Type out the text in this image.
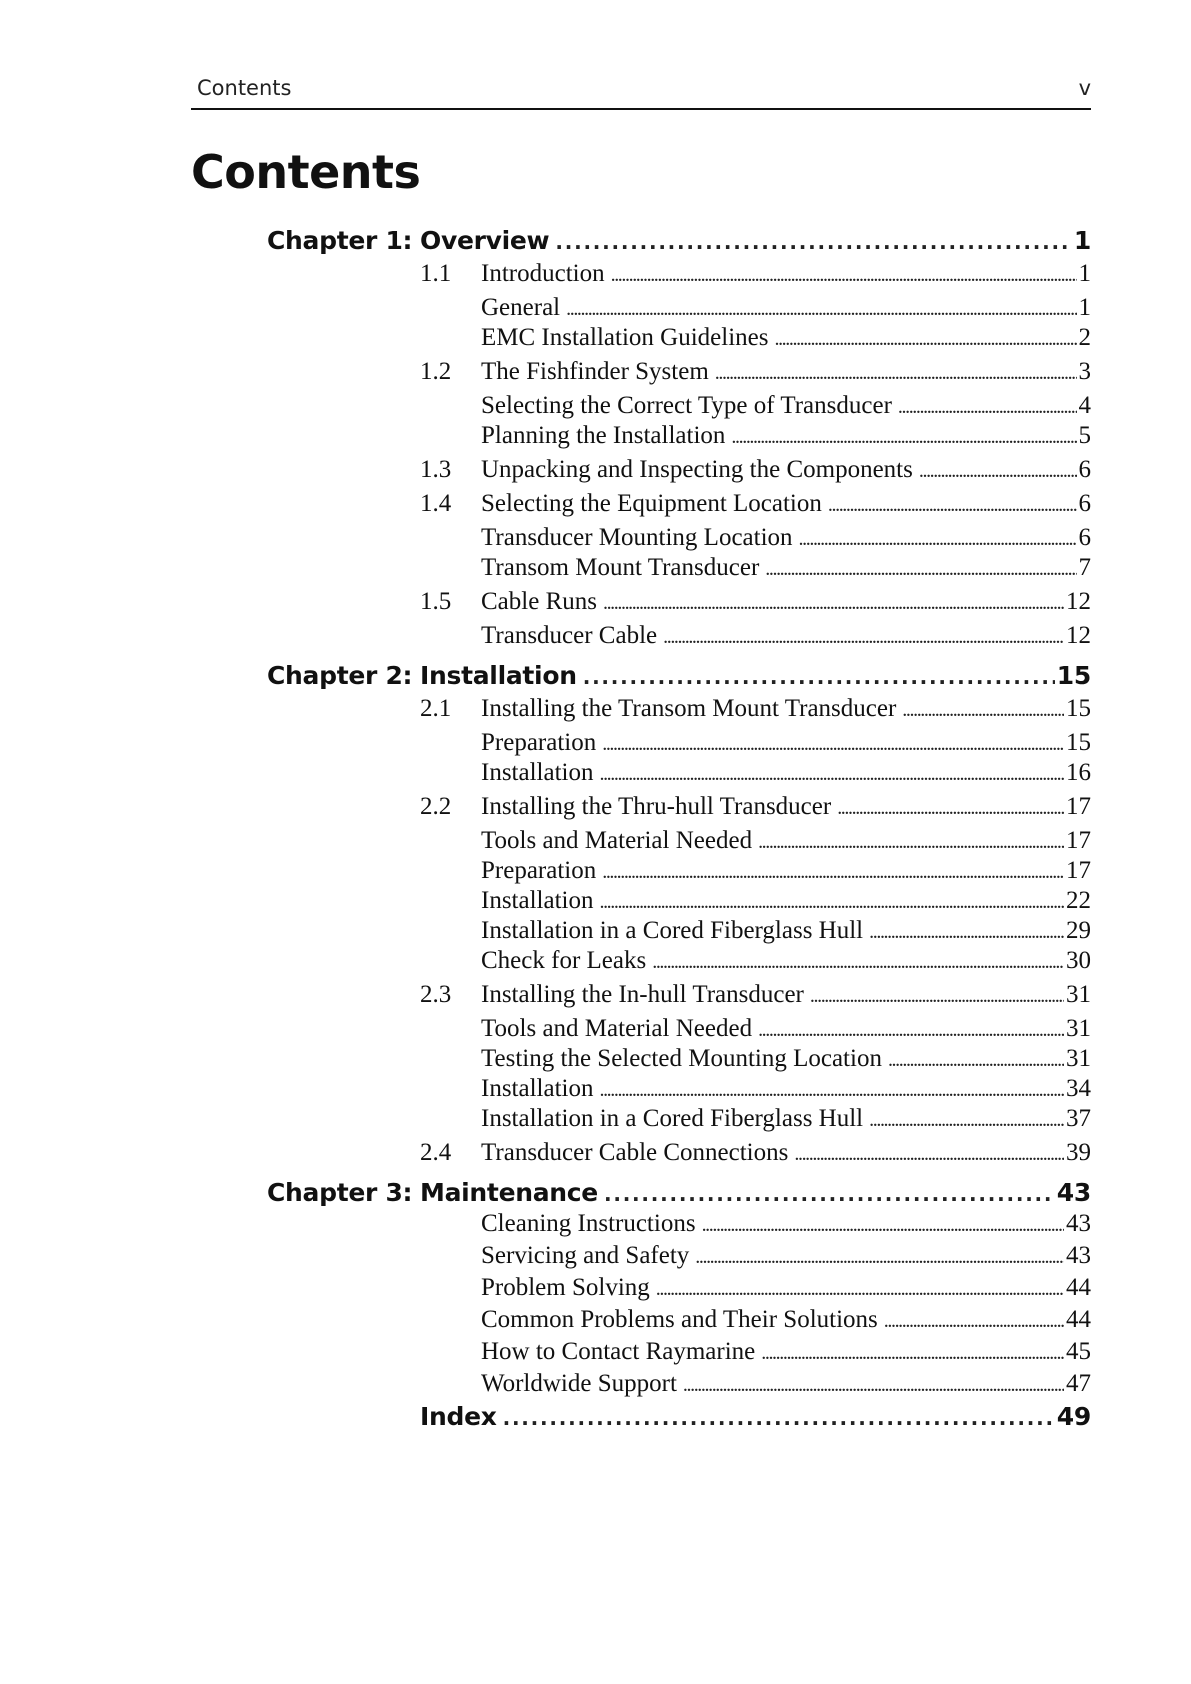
Contents	v
Contents
Chapter 1: Overview . . .	1
1.1	Introduction . . .	1
General . . .	1
EMC Installation Guidelines . . .	2
1.2	The Fishfinder System . . .	3
Selecting the Correct Type of Transducer . . .	4
Planning the Installation . . .	5
1.3	Unpacking and Inspecting the Components . . .	6
1.4	Selecting the Equipment Location . . .	6
Transducer Mounting Location . . .	6
Transom Mount Transducer . . .	7
1.5	Cable Runs . . .	12
Transducer Cable . . .	12
Chapter 2: Installation . . .	15
2.1	Installing the Transom Mount Transducer . . .	15
Preparation . . .	15
Installation . . .	16
2.2	Installing the Thru-hull Transducer . . .	17
Tools and Material Needed . . .	17
Preparation . . .	17
Installation . . .	22
Installation in a Cored Fiberglass Hull . . .	29
Check for Leaks . . .	30
2.3	Installing the In-hull Transducer . . .	31
Tools and Material Needed . . .	31
Testing the Selected Mounting Location . . .	31
Installation . . .	34
Installation in a Cored Fiberglass Hull . . .	37
2.4	Transducer Cable Connections . . .	39
Chapter 3: Maintenance . . .	43
Cleaning Instructions . . .	43
Servicing and Safety . . .	43
Problem Solving . . .	44
Common Problems and Their Solutions . . .	44
How to Contact Raymarine . . .	45
Worldwide Support . . .	47
Index . . .	49
